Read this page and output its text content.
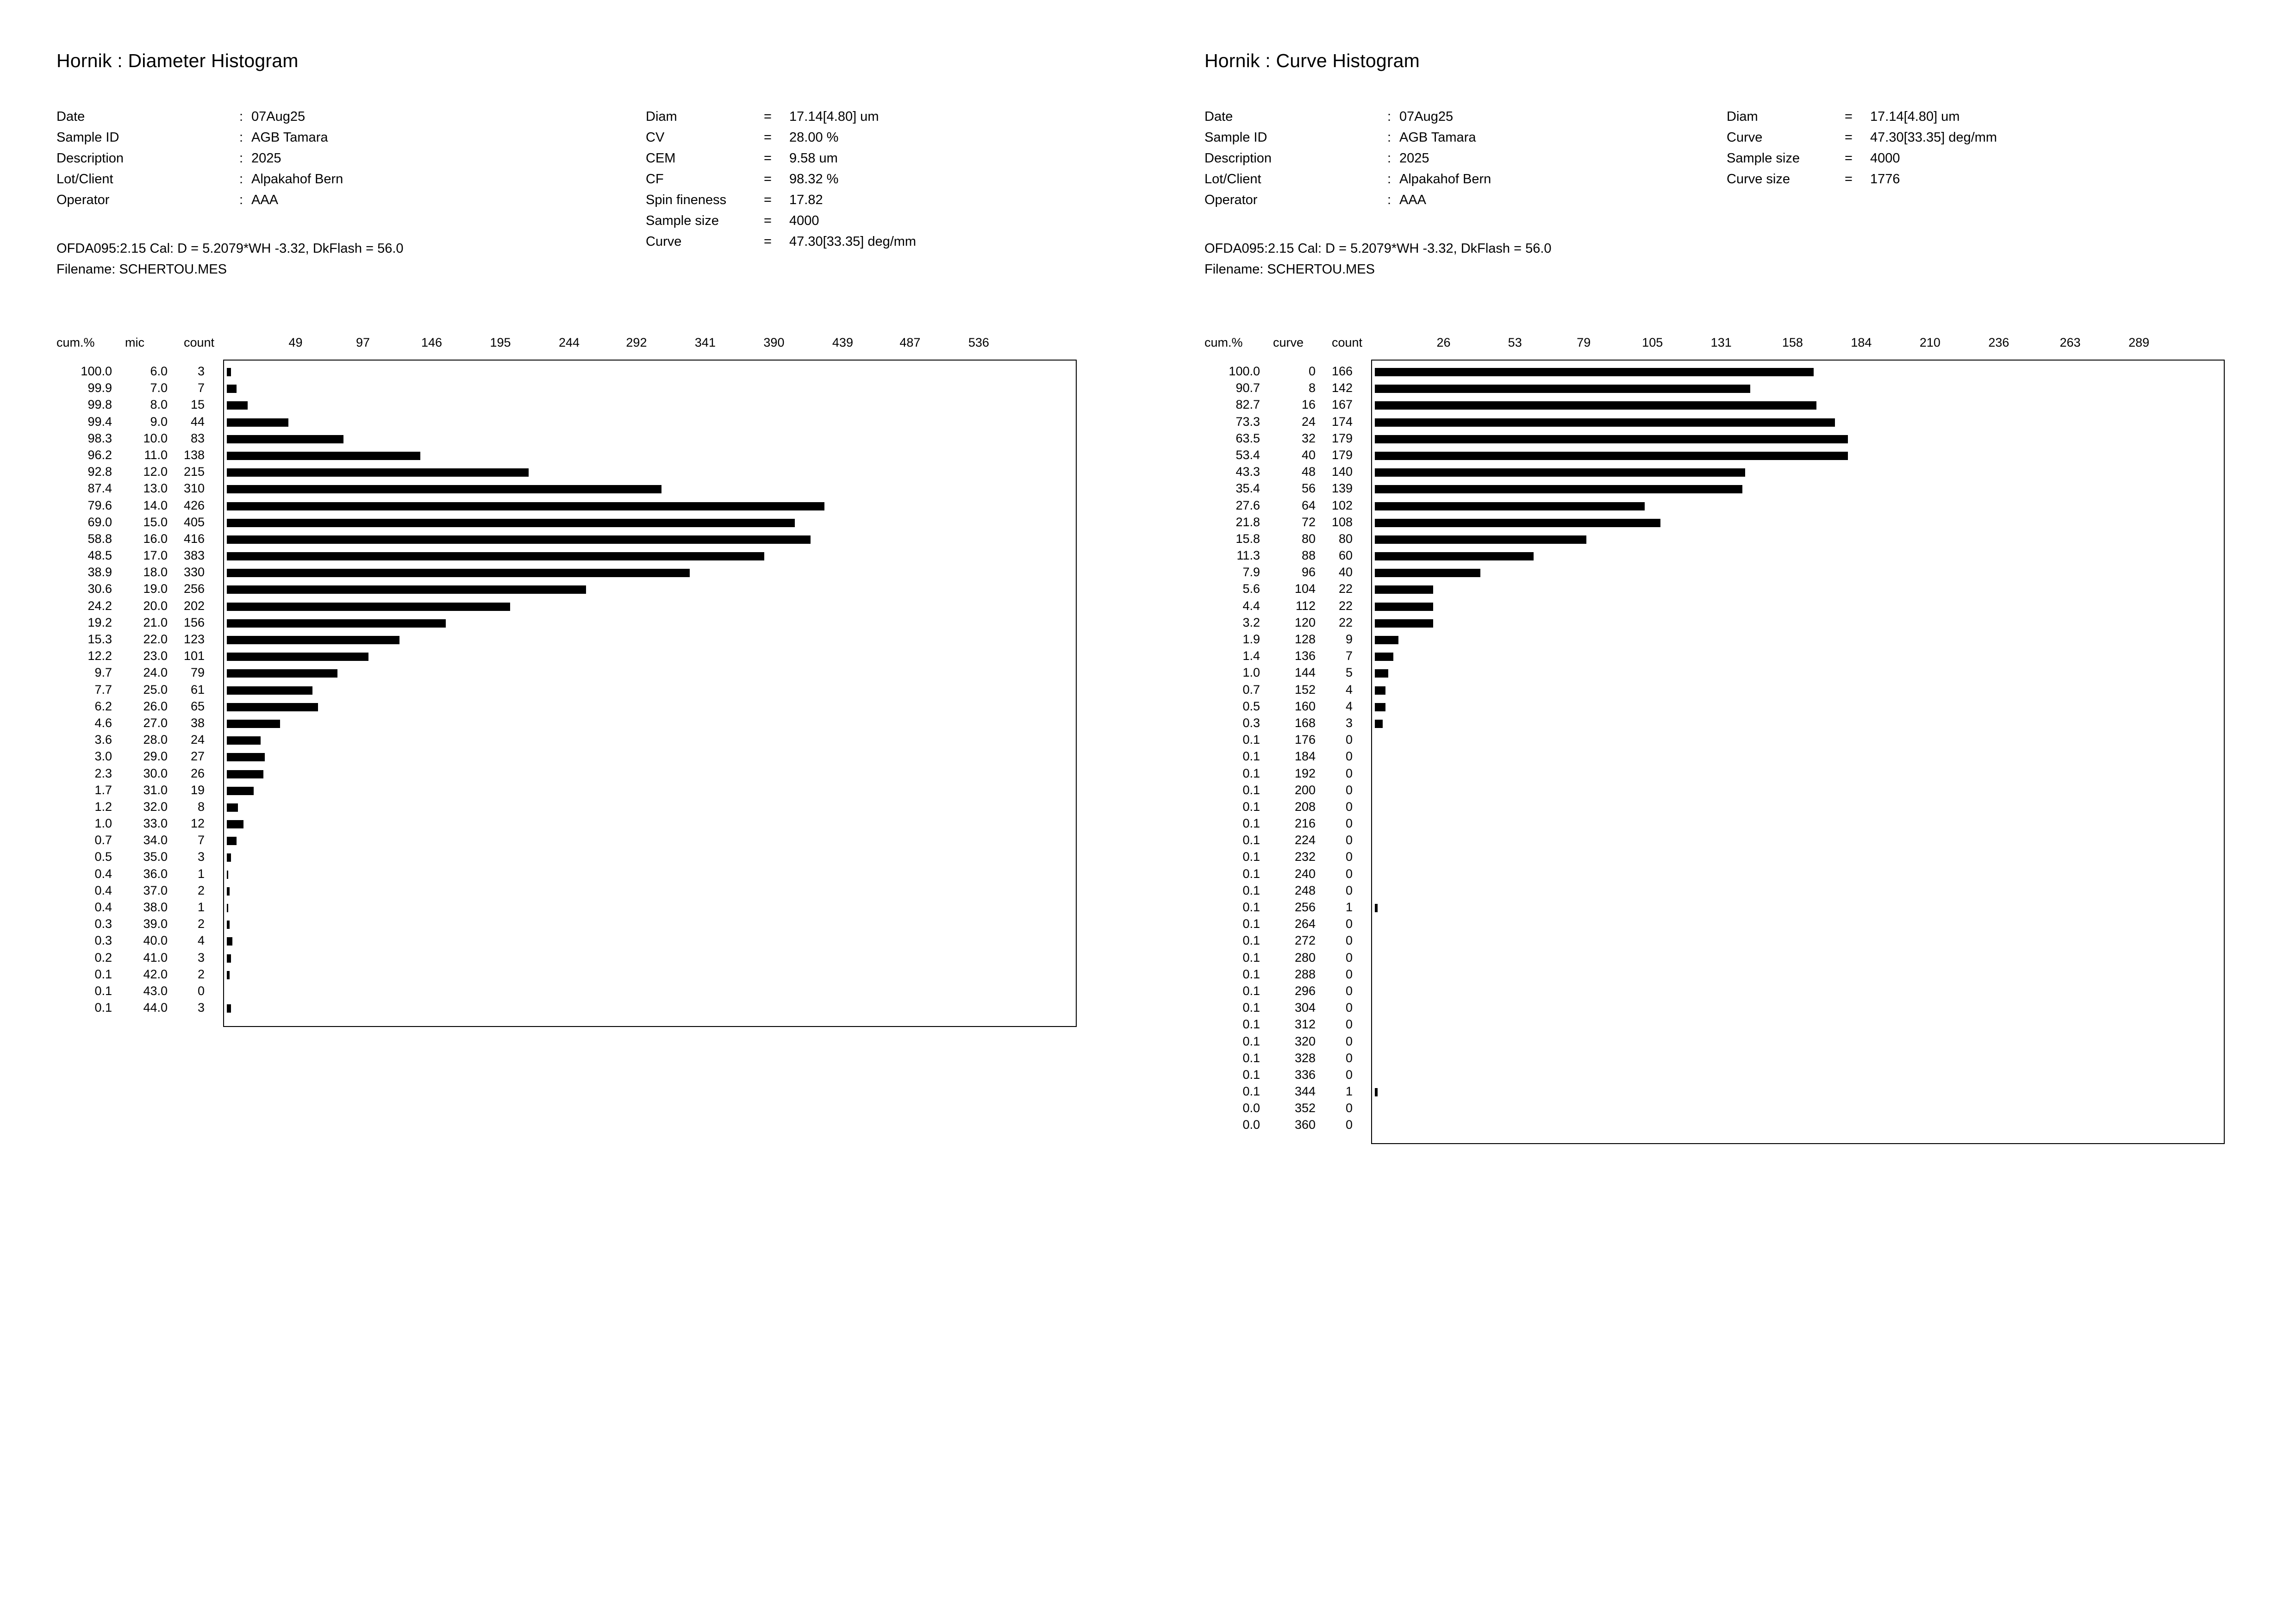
Hornik : Diameter Histogram
Date	: 07Aug25
Sample ID	: AGB Tamara
Description	: 2025
Lot/Client	: Alpakahof Bern
Operator	: AAA
Diam	=	17.14[4.80] um
CV	=	28.00 %
CEM	=	9.58 um
CF	=	98.32 %
Spin fineness	=	17.82
Sample size	=	4000
Curve	=	47.30[33.35] deg/mm
OFDA095:2.15 Cal: D = 5.2079*WH -3.32, DkFlash = 56.0
Filename: SCHERTOU.MES
cum.% mic	count	49	97	146	195	244	292	341	390	439	487	536
100.0	6.0	3
99.9	7.0	7
99.8	8.0	15
99.4	9.0	44
98.3	10.0	83
96.2	11.0	138
92.8	12.0	215
87.4	13.0	310
79.6	14.0	426
69.0	15.0	405
58.8	16.0	416
48.5	17.0	383
38.9	18.0	330
30.6	19.0	256
24.2	20.0	202
19.2	21.0	156
15.3	22.0	123
12.2	23.0	101
9.7	24.0	79
7.7	25.0	61
6.2	26.0	65
4.6	27.0	38
3.6	28.0	24
3.0	29.0	27
2.3	30.0	26
1.7	31.0	19
1.2	32.0	8
1.0	33.0	12
0.7	34.0	7
0.5	35.0	3
0.4	36.0	1
0.4	37.0	2
0.4	38.0	1
0.3	39.0	2
0.3	40.0	4
0.2	41.0	3
0.1	42.0	2
0.1	43.0	0
0.1	44.0	3
Hornik : Curve Histogram
Date	: 07Aug25
Sample ID	: AGB Tamara
Description	: 2025
Lot/Client	: Alpakahof Bern
Operator	: AAA
Diam	=	17.14[4.80] um
Curve	=	47.30[33.35] deg/mm
Sample size	=	4000
Curve size	=	1776
OFDA095:2.15 Cal: D = 5.2079*WH -3.32, DkFlash = 56.0
Filename: SCHERTOU.MES
cum.% curve count	26	53	79	105	131	158	184	210	236	263	289
100.0	0	166
90.7	8	142
82.7	16	167
73.3	24	174
63.5	32	179
53.4	40	179
43.3	48	140
35.4	56	139
27.6	64	102
21.8	72	108
15.8	80	80
11.3	88	60
7.9	96	40
5.6	104	22
4.4	112	22
3.2	120	22
1.9	128	9
1.4	136	7
1.0	144	5
0.7	152	4
0.5	160	4
0.3	168	3
0.1	176	0
0.1	184	0
0.1	192	0
0.1	200	0
0.1	208	0
0.1	216	0
0.1	224	0
0.1	232	0
0.1	240	0
0.1	248	0
0.1	256	1
0.1	264	0
0.1	272	0
0.1	280	0
0.1	288	0
0.1	296	0
0.1	304	0
0.1	312	0
0.1	320	0
0.1	328	0
0.1	336	0
0.1	344	1
0.0	352	0
0.0	360	0
